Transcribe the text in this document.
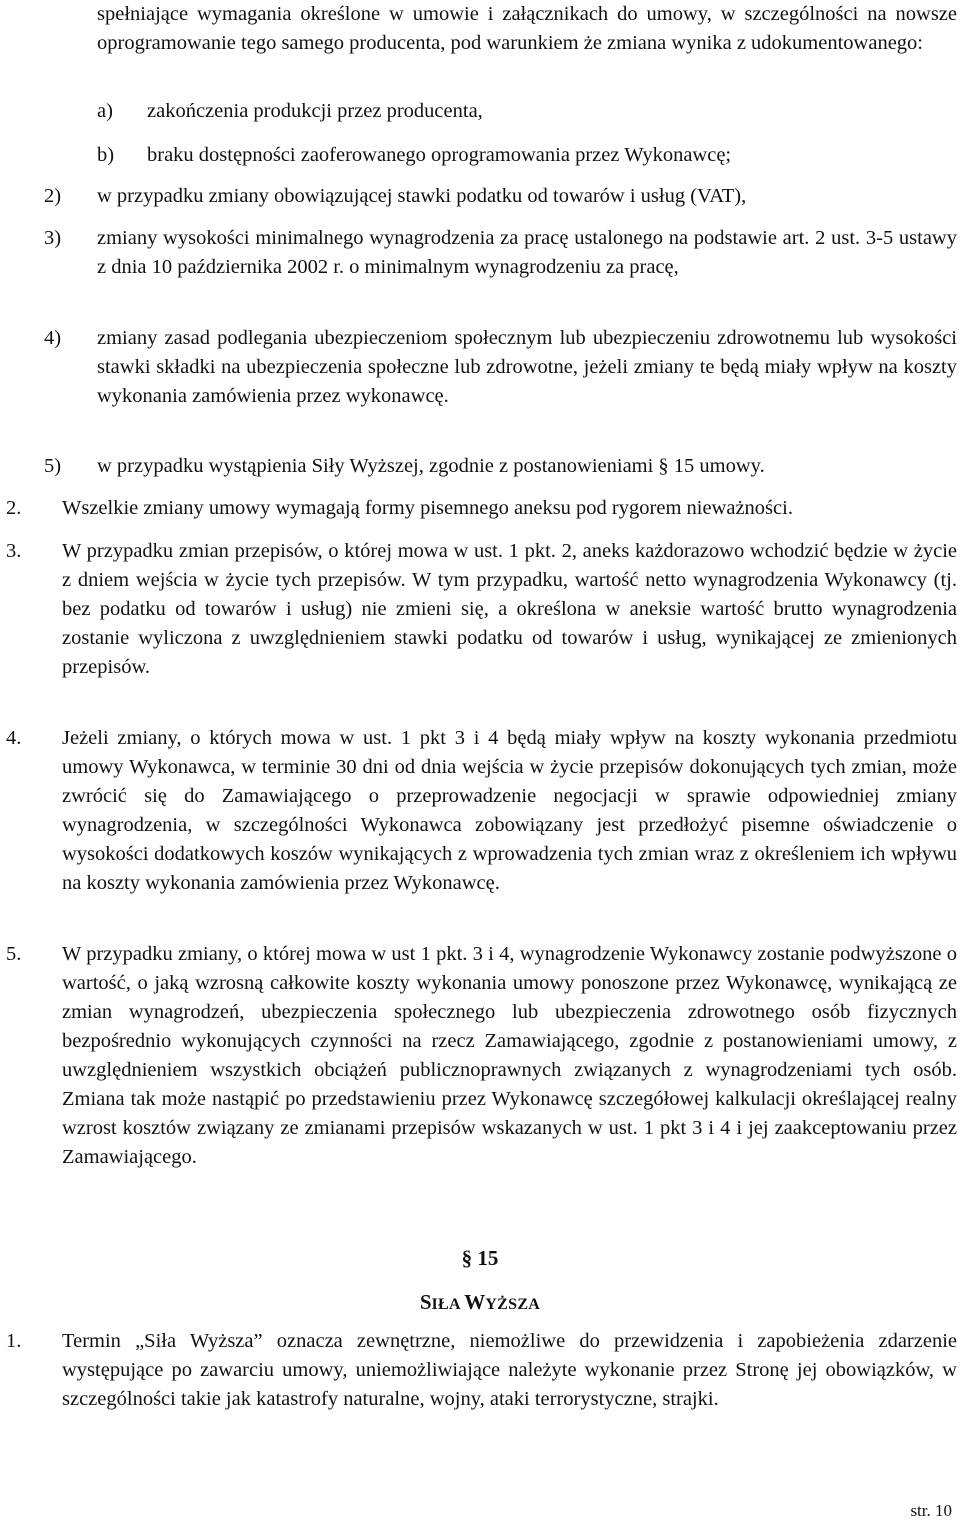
spełniające wymagania określone w umowie i załącznikach do umowy, w szczególności na nowsze oprogramowanie tego samego producenta, pod warunkiem że zmiana wynika z udokumentowanego:
a) zakończenia produkcji przez producenta,
b) braku dostępności zaoferowanego oprogramowania przez Wykonawcę;
2) w przypadku zmiany obowiązującej stawki podatku od towarów i usług (VAT),
3) zmiany wysokości minimalnego wynagrodzenia za pracę ustalonego na podstawie art. 2 ust. 3-5 ustawy z dnia 10 października 2002 r. o minimalnym wynagrodzeniu za pracę,
4) zmiany zasad podlegania ubezpieczeniom społecznym lub ubezpieczeniu zdrowotnemu lub wysokości stawki składki na ubezpieczenia społeczne lub zdrowotne, jeżeli zmiany te będą miały wpływ na koszty wykonania zamówienia przez wykonawcę.
5) w przypadku wystąpienia Siły Wyższej, zgodnie z postanowieniami § 15 umowy.
2. Wszelkie zmiany umowy wymagają formy pisemnego aneksu pod rygorem nieważności.
3. W przypadku zmian przepisów, o której mowa w ust. 1 pkt. 2, aneks każdorazowo wchodzić będzie w życie z dniem wejścia w życie tych przepisów. W tym przypadku, wartość netto wynagrodzenia Wykonawcy (tj. bez podatku od towarów i usług) nie zmieni się, a określona w aneksie wartość brutto wynagrodzenia zostanie wyliczona z uwzględnieniem stawki podatku od towarów i usług, wynikającej ze zmienionych przepisów.
4. Jeżeli zmiany, o których mowa w ust. 1 pkt 3 i 4 będą miały wpływ na koszty wykonania przedmiotu umowy Wykonawca, w terminie 30 dni od dnia wejścia w życie przepisów dokonujących tych zmian, może zwrócić się do Zamawiającego o przeprowadzenie negocjacji w sprawie odpowiedniej zmiany wynagrodzenia, w szczególności Wykonawca zobowiązany jest przedłożyć pisemne oświadczenie o wysokości dodatkowych koszów wynikających z wprowadzenia tych zmian wraz z określeniem ich wpływu na koszty wykonania zamówienia przez Wykonawcę.
5. W przypadku zmiany, o której mowa w ust 1 pkt. 3 i 4, wynagrodzenie Wykonawcy zostanie podwyższone o wartość, o jaką wzrosną całkowite koszty wykonania umowy ponoszone przez Wykonawcę, wynikającą ze zmian wynagrodzeń, ubezpieczenia społecznego lub ubezpieczenia zdrowotnego osób fizycznych bezpośrednio wykonujących czynności na rzecz Zamawiającego, zgodnie z postanowieniami umowy, z uwzględnieniem wszystkich obciążeń publicznoprawnych związanych z wynagrodzeniami tych osób. Zmiana tak może nastąpić po przedstawieniu przez Wykonawcę szczegółowej kalkulacji określającej realny wzrost kosztów związany ze zmianami przepisów wskazanych w ust. 1 pkt 3 i 4 i jej zaakceptowaniu przez Zamawiającego.
§ 15
SIŁA WYŻSZA
1. Termin „Siła Wyższa” oznacza zewnętrzne, niemożliwe do przewidzenia i zapobieżenia zdarzenie występujące po zawarciu umowy, uniemożliwiające należyte wykonanie przez Stronę jej obowiązków, w szczególności takie jak katastrofy naturalne, wojny, ataki terrorystyczne, strajki.
str. 10
